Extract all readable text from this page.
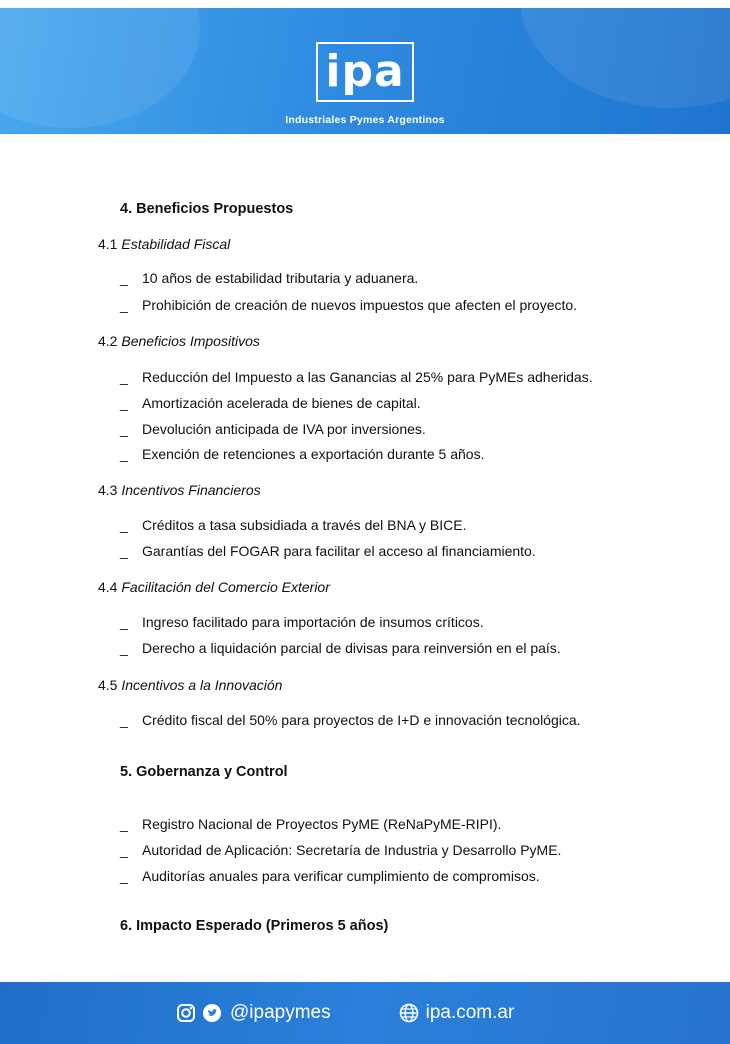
ipa
Industriales Pymes Argentinos
4. Beneficios Propuestos
4.1 Estabilidad Fiscal
_ 10 años de estabilidad tributaria y aduanera.
_ Prohibición de creación de nuevos impuestos que afecten el proyecto.
4.2 Beneficios Impositivos
_ Reducción del Impuesto a las Ganancias al 25% para PyMEs adheridas.
_ Amortización acelerada de bienes de capital.
_ Devolución anticipada de IVA por inversiones.
_ Exención de retenciones a exportación durante 5 años.
4.3 Incentivos Financieros
_ Créditos a tasa subsidiada a través del BNA y BICE.
_ Garantías del FOGAR para facilitar el acceso al financiamiento.
4.4 Facilitación del Comercio Exterior
_ Ingreso facilitado para importación de insumos críticos.
_ Derecho a liquidación parcial de divisas para reinversión en el país.
4.5 Incentivos a la Innovación
_ Crédito fiscal del 50% para proyectos de I+D e innovación tecnológica.
5. Gobernanza y Control
_ Registro Nacional de Proyectos PyME (ReNaPyME-RIPI).
_ Autoridad de Aplicación: Secretaría de Industria y Desarrollo PyME.
_ Auditorías anuales para verificar cumplimiento de compromisos.
6. Impacto Esperado (Primeros 5 años)
@ipapymes	ipa.com.ar
